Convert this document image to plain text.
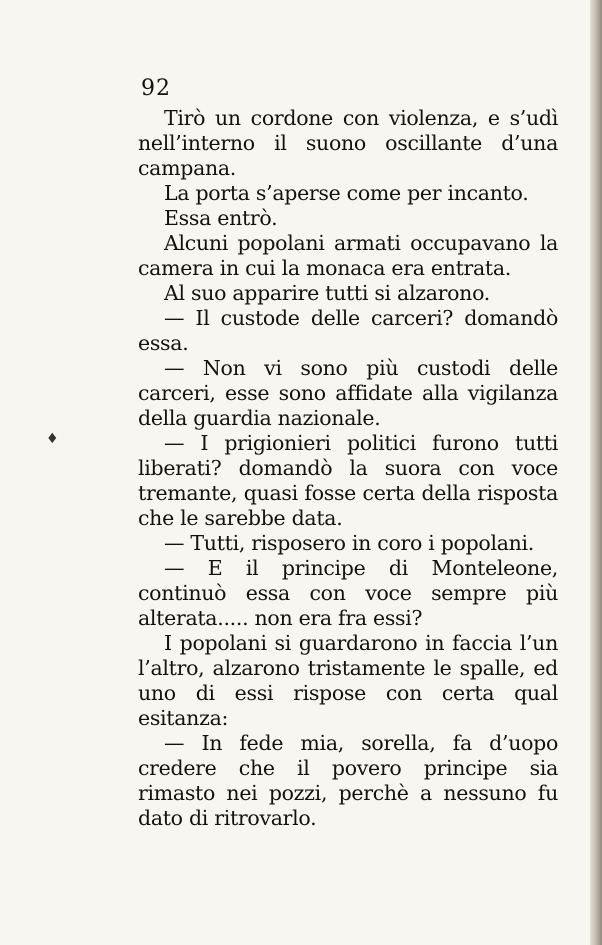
♦
92

Tirò un cordone con violenza, e s’udì nell’interno il suono oscillante d’una campana.

La porta s’aperse come per incanto.

Essa entrò.

Alcuni popolani armati occupavano la camera in cui la monaca era entrata.

Al suo apparire tutti si alzarono.

— Il custode delle carceri? domandò essa.

— Non vi sono più custodi delle carceri, esse sono affidate alla vigilanza della guardia nazionale.

— I prigionieri politici furono tutti liberati? domandò la suora con voce tremante, quasi fosse certa della risposta che le sarebbe data.

— Tutti, risposero in coro i popolani.

— E il principe di Monteleone, continuò essa con voce sempre più alterata..... non era fra essi?

I popolani si guardarono in faccia l’un l’altro, alzarono tristamente le spalle, ed uno di essi rispose con certa qual esitanza:

— In fede mia, sorella, fa d’uopo credere che il povero principe sia rimasto nei pozzi, perchè a nessuno fu dato di ritrovarlo.
